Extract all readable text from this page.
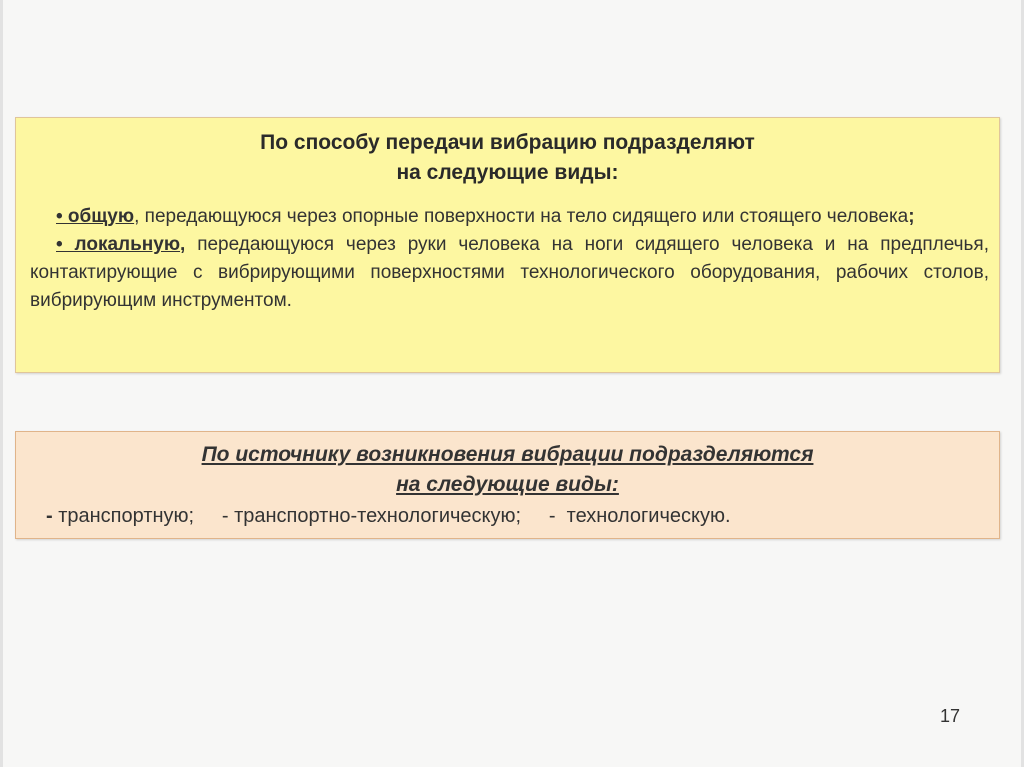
По способу передачи вибрацию подразделяют
на следующие виды:

• общую, передающуюся через опорные поверхности на тело сидящего или стоящего человека;

• локальную, передающуюся через руки человека на ноги сидящего человека и на предплечья, контактирующие с вибрирующими поверхностями технологического оборудования, рабочих столов, вибрирующим инструментом.

По источнику возникновения вибрации подразделяются
на следующие виды:
- транспортную;     - транспортно-технологическую;     -  технологическую.
17
